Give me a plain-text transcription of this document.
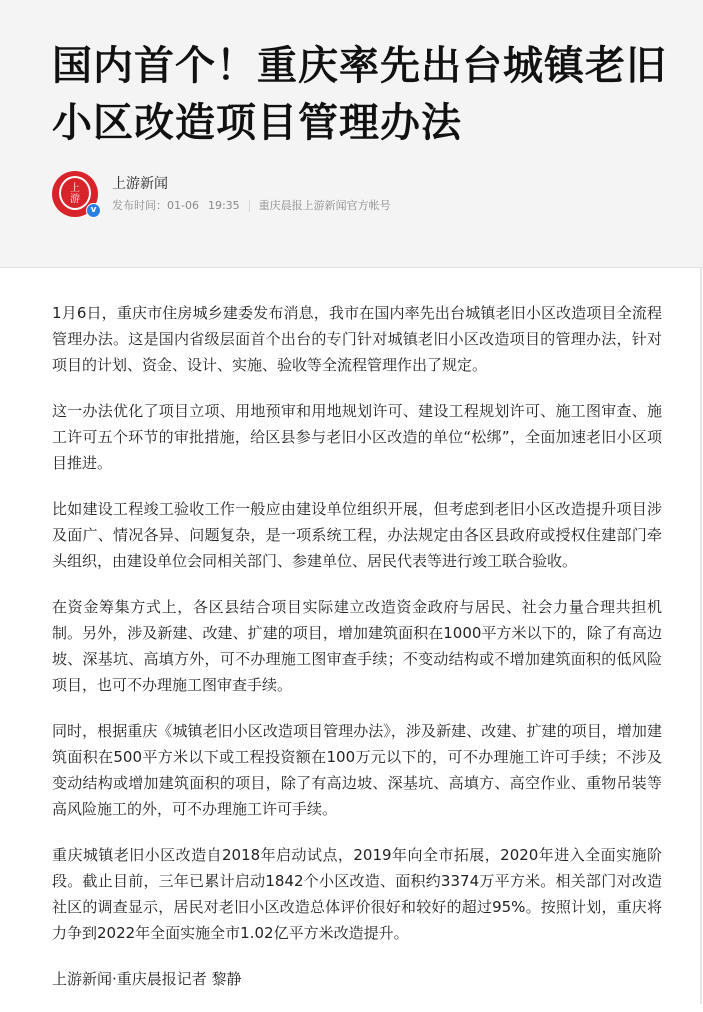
国内首个！重庆率先出台城镇老旧小区改造项目管理办法
上游
v
上游新闻
发布时间： 01-06 19:35 重庆晨报上游新闻官方帐号

1月6日，重庆市住房城乡建委发布消息，我市在国内率先出台城镇老旧小区改造项目全流程管理办法。这是国内省级层面首个出台的专门针对城镇老旧小区改造项目的管理办法，针对项目的计划、资金、设计、实施、验收等全流程管理作出了规定。

这一办法优化了项目立项、用地预审和用地规划许可、建设工程规划许可、施工图审查、施工许可五个环节的审批措施，给区县参与老旧小区改造的单位“松绑”，全面加速老旧小区项目推进。

比如建设工程竣工验收工作一般应由建设单位组织开展，但考虑到老旧小区改造提升项目涉及面广、情况各异、问题复杂，是一项系统工程，办法规定由各区县政府或授权住建部门牵头组织，由建设单位会同相关部门、参建单位、居民代表等进行竣工联合验收。

在资金筹集方式上，各区县结合项目实际建立改造资金政府与居民、社会力量合理共担机制。另外，涉及新建、改建、扩建的项目，增加建筑面积在1000平方米以下的，除了有高边坡、深基坑、高填方外，可不办理施工图审查手续；不变动结构或不增加建筑面积的低风险项目，也可不办理施工图审查手续。

同时，根据重庆《城镇老旧小区改造项目管理办法》，涉及新建、改建、扩建的项目，增加建筑面积在500平方米以下或工程投资额在100万元以下的，可不办理施工许可手续；不涉及变动结构或增加建筑面积的项目，除了有高边坡、深基坑、高填方、高空作业、重物吊装等高风险施工的外，可不办理施工许可手续。

重庆城镇老旧小区改造自2018年启动试点，2019年向全市拓展，2020年进入全面实施阶段。截止目前，三年已累计启动1842个小区改造、面积约3374万平方米。相关部门对改造社区的调查显示，居民对老旧小区改造总体评价很好和较好的超过95%。按照计划，重庆将力争到2022年全面实施全市1.02亿平方米改造提升。

上游新闻·重庆晨报记者 黎静
